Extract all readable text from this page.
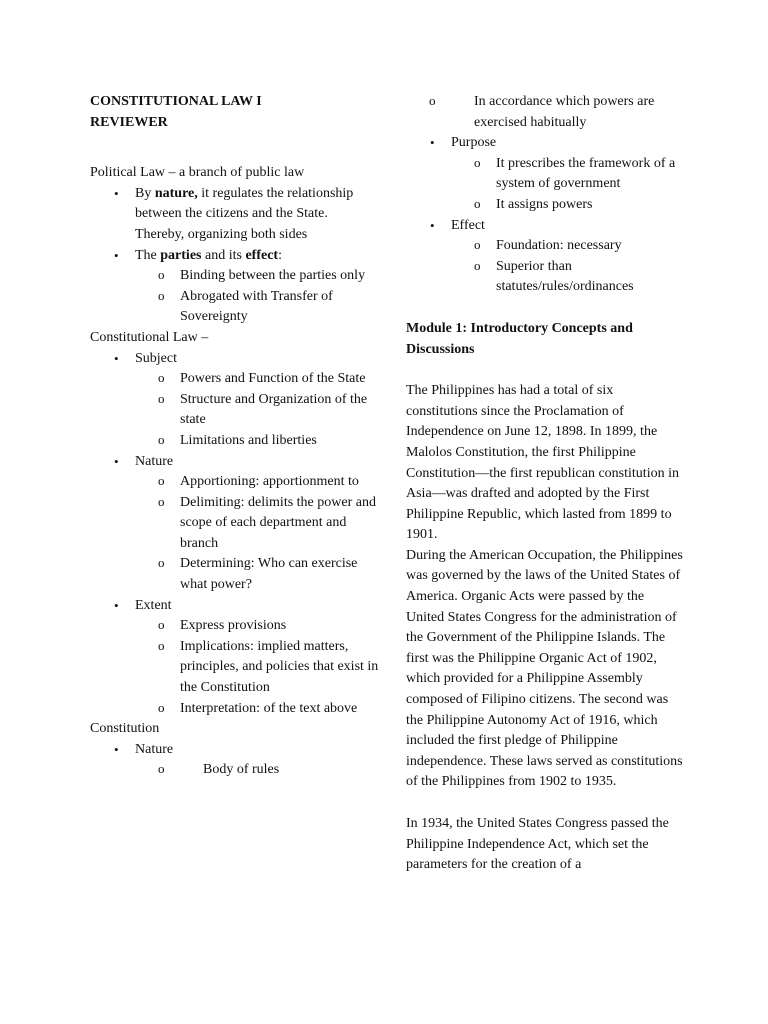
CONSTITUTIONAL LAW I
REVIEWER

Political Law – a branch of public law

• By nature, it regulates the relationship between the citizens and the State. Thereby, organizing both sides
• The parties and its effect:
o Binding between the parties only
o Abrogated with Transfer of Sovereignty

Constitutional Law –

• Subject
o Powers and Function of the State
o Structure and Organization of the state
o Limitations and liberties
• Nature
o Apportioning: apportionment to
o Delimiting: delimits the power and scope of each department and branch
o Determining: Who can exercise what power?
• Extent
o Express provisions
o Implications: implied matters, principles, and policies that exist in the Constitution
o Interpretation: of the text above

Constitution

• Nature
o Body of rules
o In accordance which powers are exercised habitually
• Purpose
o It prescribes the framework of a system of government
o It assigns powers
• Effect
o Foundation: necessary
o Superior than statutes/rules/ordinances

Module 1: Introductory Concepts and Discussions

The Philippines has had a total of six constitutions since the Proclamation of Independence on June 12, 1898. In 1899, the Malolos Constitution, the first Philippine Constitution—the first republican constitution in Asia—was drafted and adopted by the First Philippine Republic, which lasted from 1899 to 1901.

During the American Occupation, the Philippines was governed by the laws of the United States of America. Organic Acts were passed by the United States Congress for the administration of the Government of the Philippine Islands. The first was the Philippine Organic Act of 1902, which provided for a Philippine Assembly composed of Filipino citizens. The second was the Philippine Autonomy Act of 1916, which included the first pledge of Philippine independence. These laws served as constitutions of the Philippines from 1902 to 1935.

In 1934, the United States Congress passed the Philippine Independence Act, which set the parameters for the creation of a
